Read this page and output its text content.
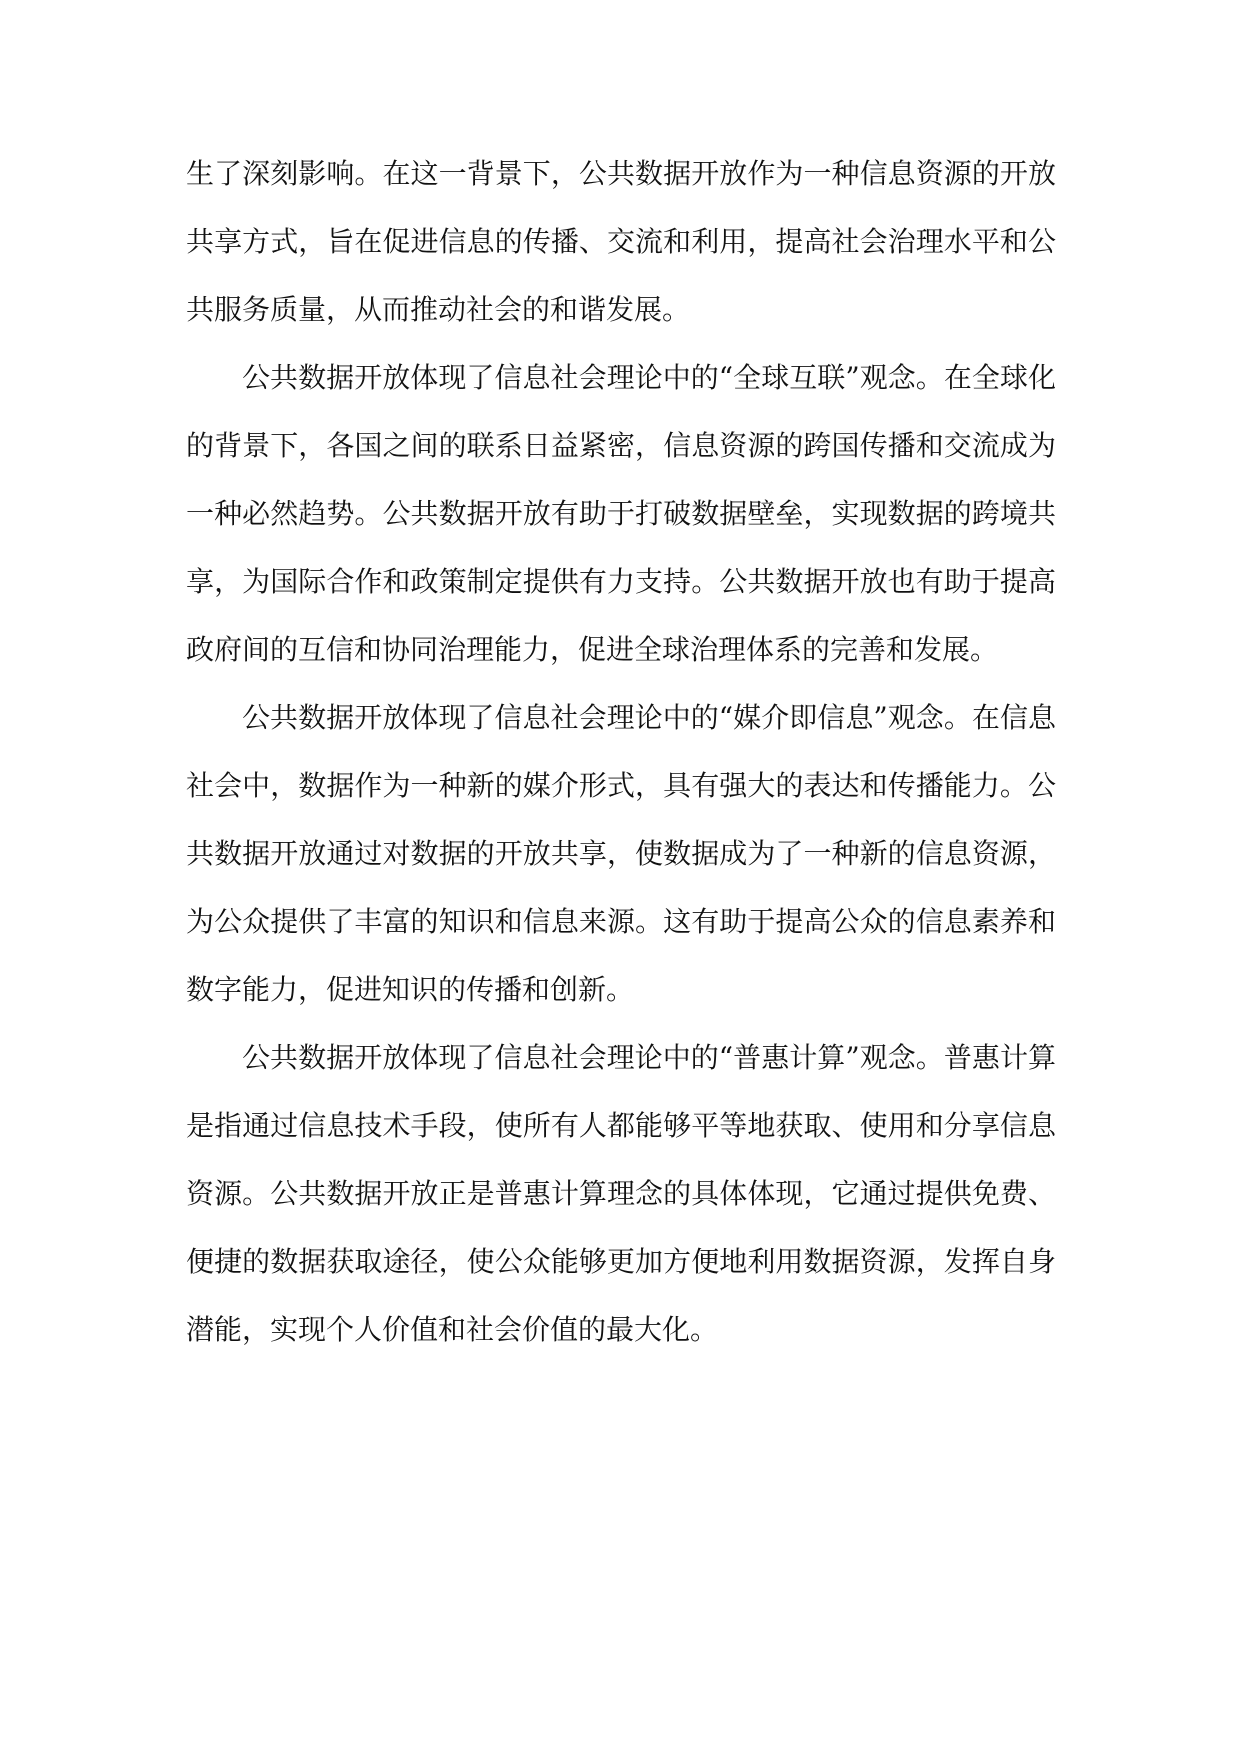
生了深刻影响。在这一背景下，公共数据开放作为一种信息资源的开放共享方式，旨在促进信息的传播、交流和利用，提高社会治理水平和公共服务质量，从而推动社会的和谐发展。

公共数据开放体现了信息社会理论中的“全球互联”观念。在全球化的背景下，各国之间的联系日益紧密，信息资源的跨国传播和交流成为一种必然趋势。公共数据开放有助于打破数据壁垒，实现数据的跨境共享，为国际合作和政策制定提供有力支持。公共数据开放也有助于提高政府间的互信和协同治理能力，促进全球治理体系的完善和发展。

公共数据开放体现了信息社会理论中的“媒介即信息”观念。在信息社会中，数据作为一种新的媒介形式，具有强大的表达和传播能力。公共数据开放通过对数据的开放共享，使数据成为了一种新的信息资源，为公众提供了丰富的知识和信息来源。这有助于提高公众的信息素养和数字能力，促进知识的传播和创新。

公共数据开放体现了信息社会理论中的“普惠计算”观念。普惠计算是指通过信息技术手段，使所有人都能够平等地获取、使用和分享信息资源。公共数据开放正是普惠计算理念的具体体现，它通过提供免费、便捷的数据获取途径，使公众能够更加方便地利用数据资源，发挥自身潜能，实现个人价值和社会价值的最大化。
